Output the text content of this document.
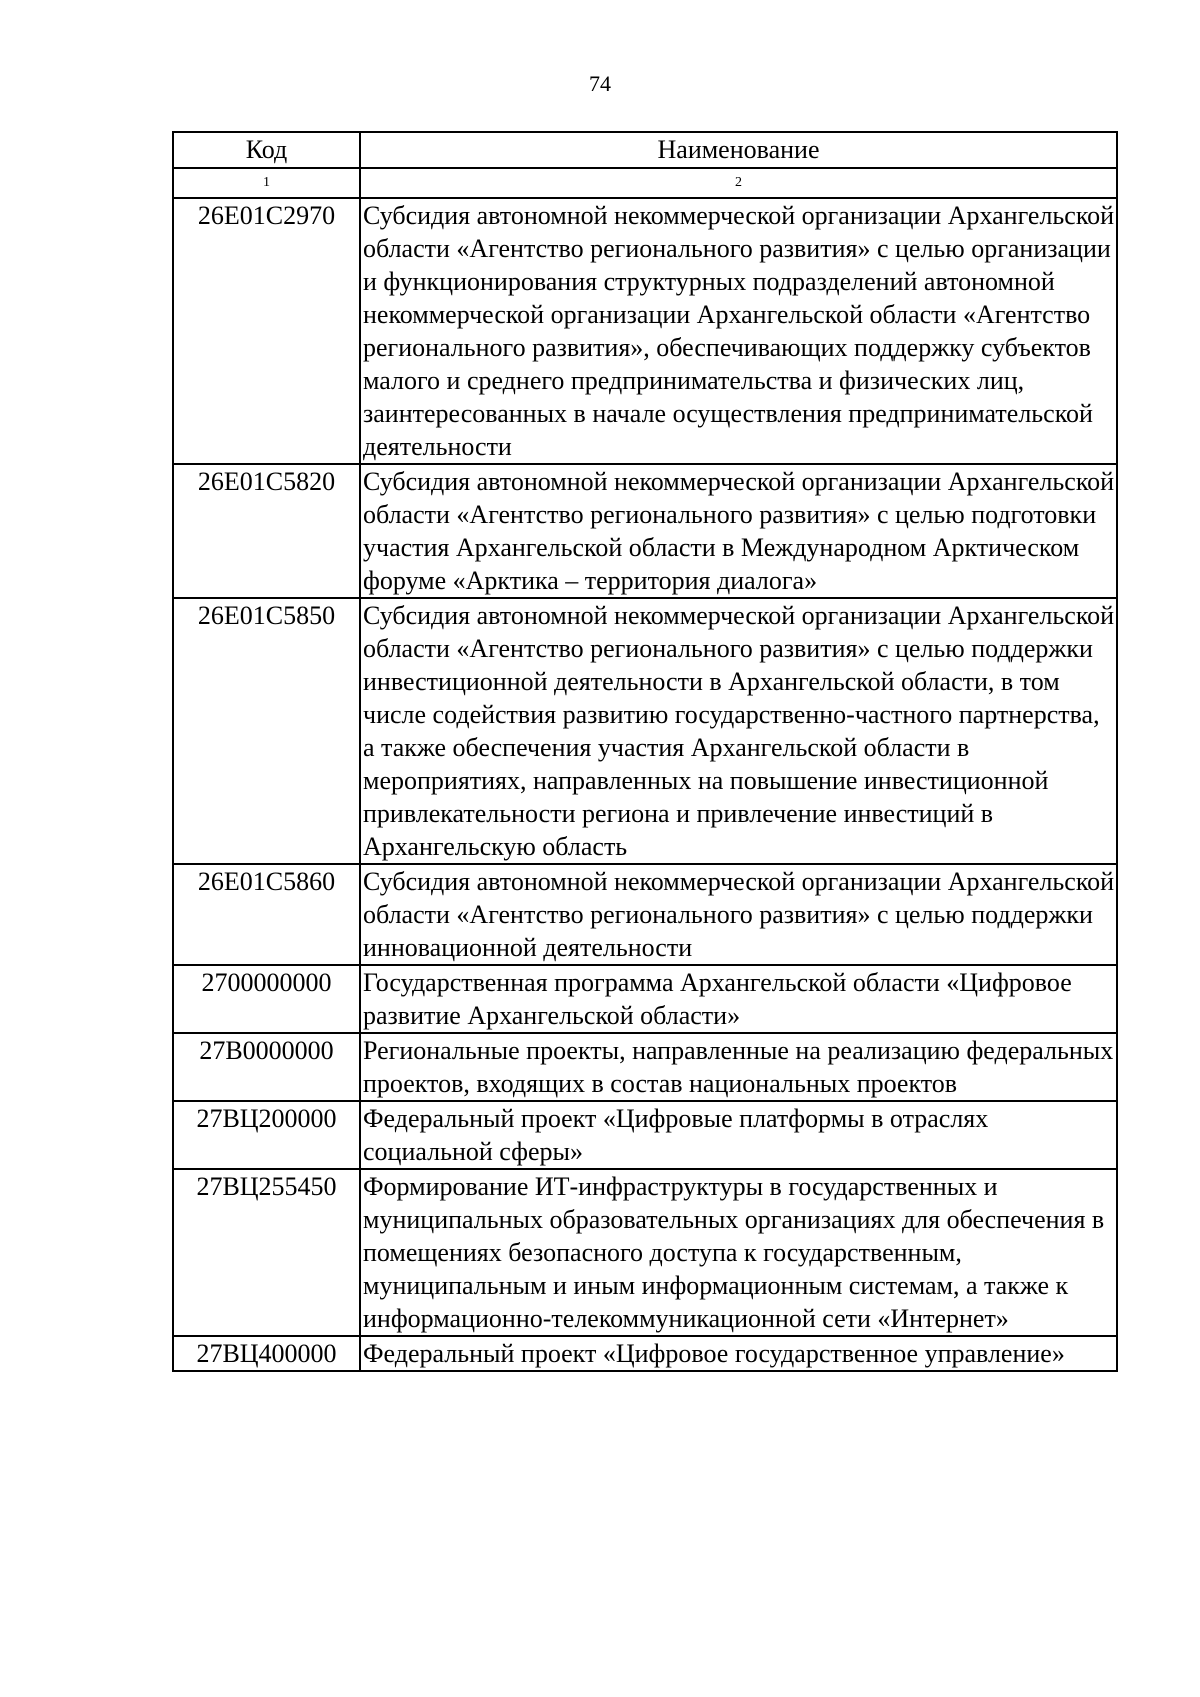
74
Код	Наименование
1	2
26Е01С2970	Субсидия автономной некоммерческой организации Архангельской области «Агентство регионального развития» с целью организации и функционирования структурных подразделений автономной некоммерческой организации Архангельской области «Агентство регионального развития», обеспечивающих поддержку субъектов малого и среднего предпринимательства и физических лиц, заинтересованных в начале осуществления предпринимательской деятельности
26Е01С5820	Субсидия автономной некоммерческой организации Архангельской области «Агентство регионального развития» с целью подготовки участия Архангельской области в Международном Арктическом форуме «Арктика – территория диалога»
26Е01С5850	Субсидия автономной некоммерческой организации Архангельской области «Агентство регионального развития» с целью поддержки инвестиционной деятельности в Архангельской области, в том числе содействия развитию государственно-частного партнерства, а также обеспечения участия Архангельской области в мероприятиях, направленных на повышение инвестиционной привлекательности региона и привлечение инвестиций в Архангельскую область
26Е01С5860	Субсидия автономной некоммерческой организации Архангельской области «Агентство регионального развития» с целью поддержки инновационной деятельности
2700000000	Государственная программа Архангельской области «Цифровое развитие Архангельской области»
27В0000000	Региональные проекты, направленные на реализацию федеральных проектов, входящих в состав национальных проектов
27ВЦ200000	Федеральный проект «Цифровые платформы в отраслях социальной сферы»
27ВЦ255450	Формирование ИТ-инфраструктуры в государственных и муниципальных образовательных организациях для обеспечения в помещениях безопасного доступа к государственным, муниципальным и иным информационным системам, а также к информационно-телекоммуникационной сети «Интернет»
27ВЦ400000	Федеральный проект «Цифровое государственное управление»
